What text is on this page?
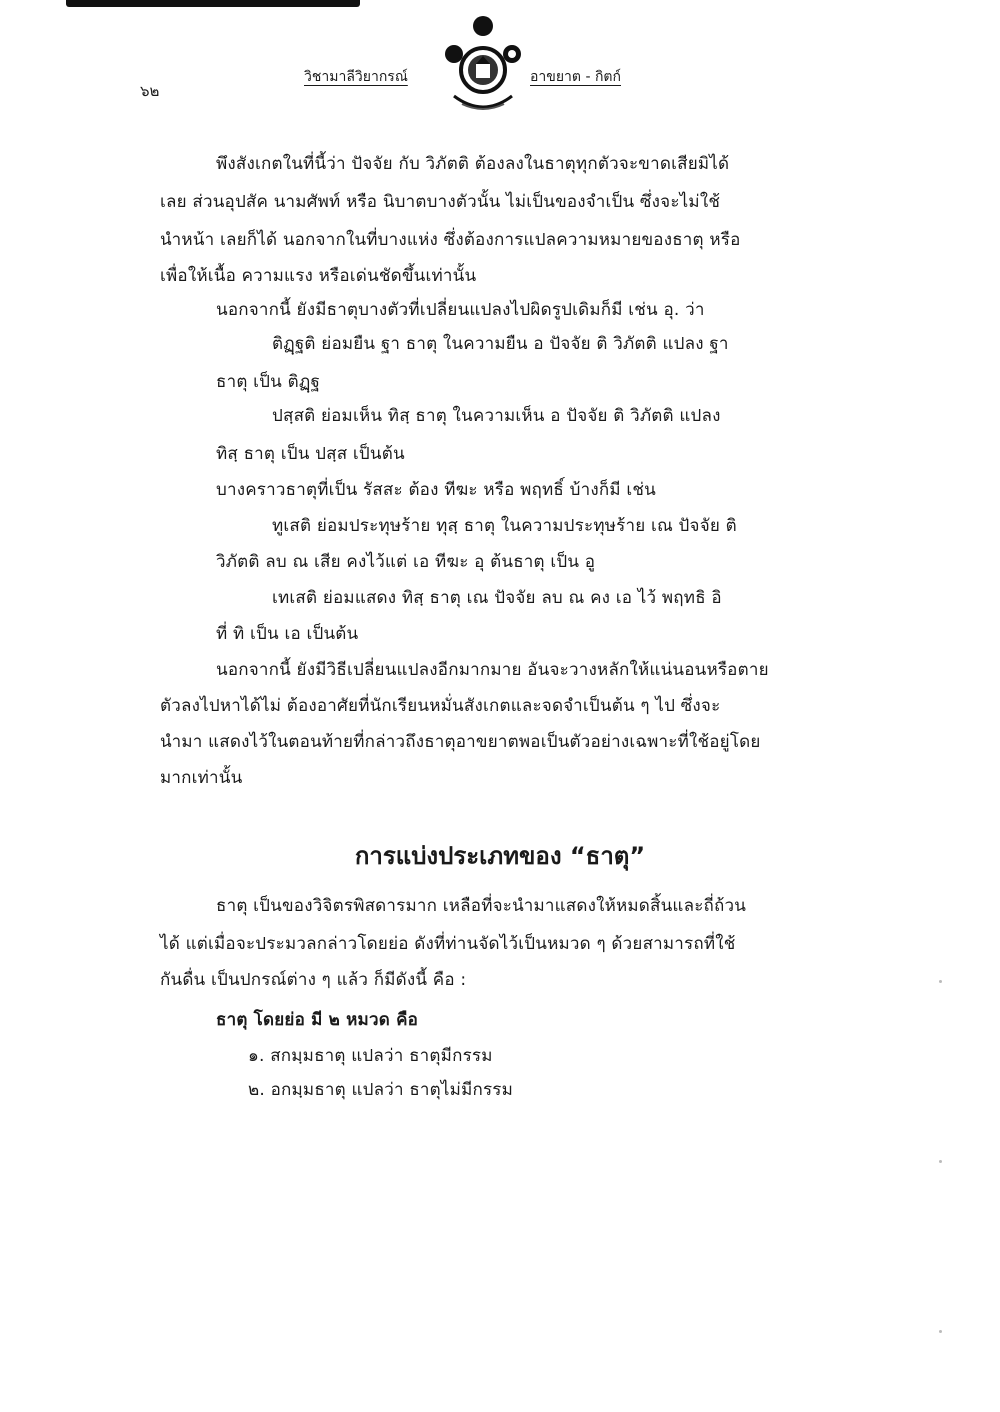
๖๒
วิชามาลีวิยากรณ์	อาขยาต - กิตก์
พึงสังเกตในที่นี้ว่า ปัจจัย กับ วิภัตติ ต้องลงในธาตุทุกตัวจะขาดเสียมิได้
เลย ส่วนอุปสัค นามศัพท์ หรือ นิบาตบางตัวนั้น ไม่เป็นของจำเป็น ซึ่งจะไม่ใช้
นำหน้า เลยก็ได้ นอกจากในที่บางแห่ง ซึ่งต้องการแปลความหมายของธาตุ หรือ
เพื่อให้เนื้อ ความแรง หรือเด่นชัดขึ้นเท่านั้น
นอกจากนี้ ยังมีธาตุบางตัวที่เปลี่ยนแปลงไปผิดรูปเดิมก็มี เช่น อุ. ว่า
ติฏฺฐติ ย่อมยืน ฐา ธาตุ ในความยืน อ ปัจจัย ติ วิภัตติ แปลง ฐา
ธาตุ เป็น ติฏฺฐ
ปสฺสติ ย่อมเห็น ทิสฺ ธาตุ ในความเห็น อ ปัจจัย ติ วิภัตติ แปลง
ทิสฺ ธาตุ เป็น ปสฺส เป็นต้น
บางคราวธาตุที่เป็น รัสสะ ต้อง ทีฆะ หรือ พฤทธิ์ บ้างก็มี เช่น
ทูเสติ ย่อมประทุษร้าย ทุสฺ ธาตุ ในความประทุษร้าย เณ ปัจจัย ติ
วิภัตติ ลบ ณ เสีย คงไว้แต่ เอ ทีฆะ อุ ต้นธาตุ เป็น อู
เทเสติ ย่อมแสดง ทิสฺ ธาตุ เณ ปัจจัย ลบ ณ คง เอ ไว้ พฤทธิ อิ
ที่ ทิ เป็น เอ เป็นต้น
นอกจากนี้ ยังมีวิธีเปลี่ยนแปลงอีกมากมาย อันจะวางหลักให้แน่นอนหรือตาย
ตัวลงไปหาได้ไม่ ต้องอาศัยที่นักเรียนหมั่นสังเกตและจดจำเป็นต้น ๆ ไป ซึ่งจะ
นำมา แสดงไว้ในตอนท้ายที่กล่าวถึงธาตุอาขยาตพอเป็นตัวอย่างเฉพาะที่ใช้อยู่โดย
มากเท่านั้น
การแบ่งประเภทของ “ธาตุ”
ธาตุ เป็นของวิจิตรพิสดารมาก เหลือที่จะนำมาแสดงให้หมดสิ้นและถี่ถ้วน
ได้ แต่เมื่อจะประมวลกล่าวโดยย่อ ดังที่ท่านจัดไว้เป็นหมวด ๆ ด้วยสามารถที่ใช้
กันดื่น เป็นปกรณ์ต่าง ๆ แล้ว ก็มีดังนี้ คือ :
ธาตุ โดยย่อ มี ๒ หมวด คือ
๑. สกมฺมธาตุ แปลว่า ธาตุมีกรรม
๒. อกมฺมธาตุ แปลว่า ธาตุไม่มีกรรม
